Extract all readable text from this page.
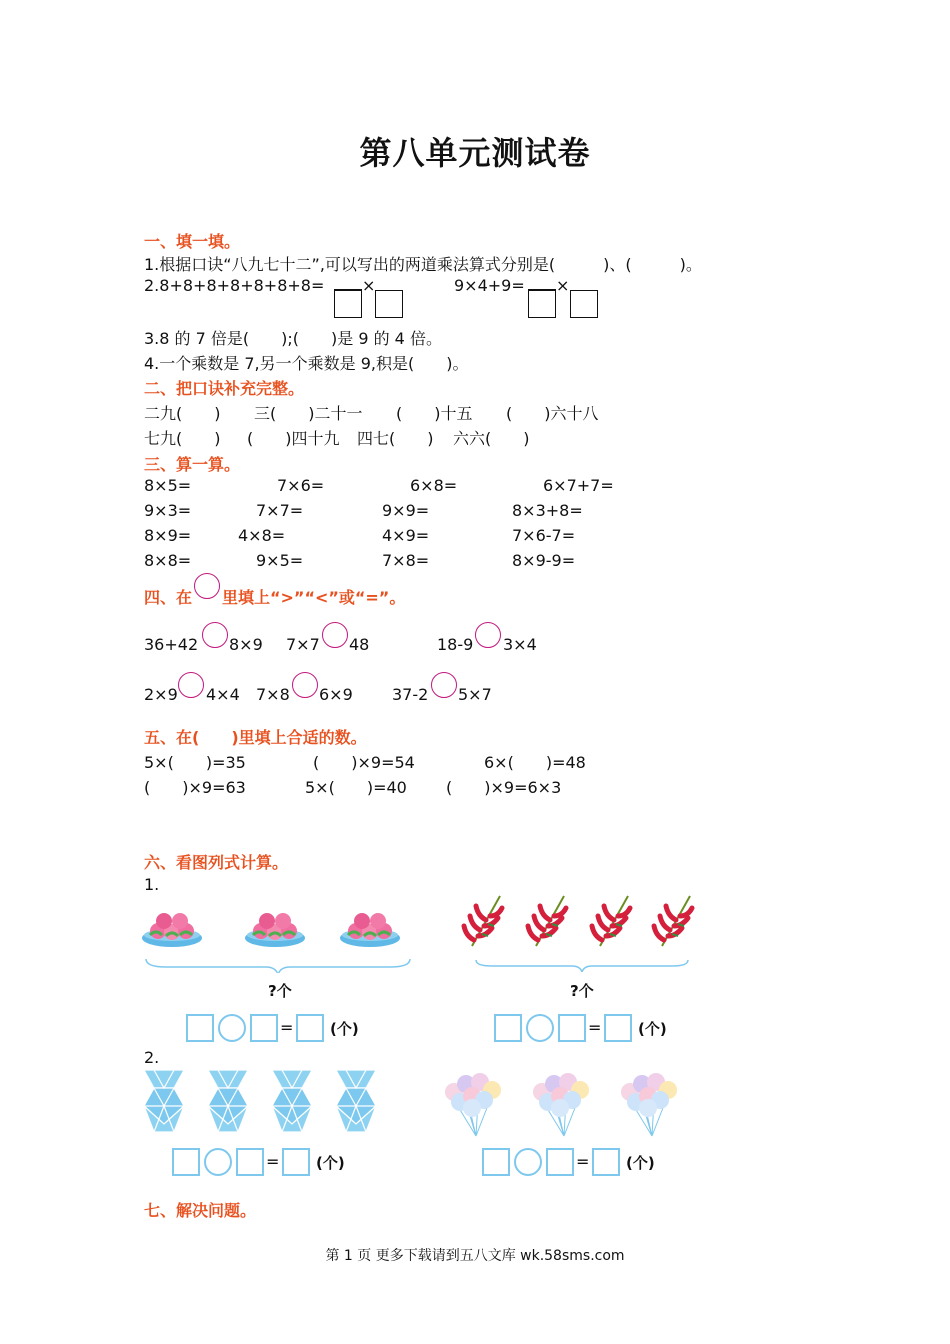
第八单元测试卷
一、填一填。
1.根据口诀“八九七十二”,可以写出的两道乘法算式分别是(　　　)、(　　　)。
2.8+8+8+8+8+8+8= ×	9×4+9= ×
3.8 的 7 倍是(　　);(　　)是 9 的 4 倍。
4.一个乘数是 7,另一个乘数是 9,积是(　　)。
二、把口诀补充完整。
二九(　　) 三(　　)二十一 (　　)十五 (　　)六十八
七九(　　) (　　)四十九 四七(　　) 六六(　　)
三、算一算。
8×5=	7×6=	6×8=	6×7+7=
9×3=	7×7=	9×9=	8×3+8=
8×9=	4×8=	4×9=	7×6-7=
8×8=	9×5=	7×8=	8×9-9=
四、在 里填上“>”“<”或“=”。
36+42 8×9 7×7 48	18-9 3×4
2×9 4×4 7×8 6×9 37-2 5×7
五、在(　　)里填上合适的数。
5×(　　)=35	(　　)×9=54	6×(　　)=48
(　　)×9=63	5×(　　)=40 (　　)×9=6×3
六、看图列式计算。
1.
?个	?个
= (个)	= (个)
2.
= (个)	= (个)
七、解决问题。
第 1 页 更多下载请到五八文库 wk.58sms.com
